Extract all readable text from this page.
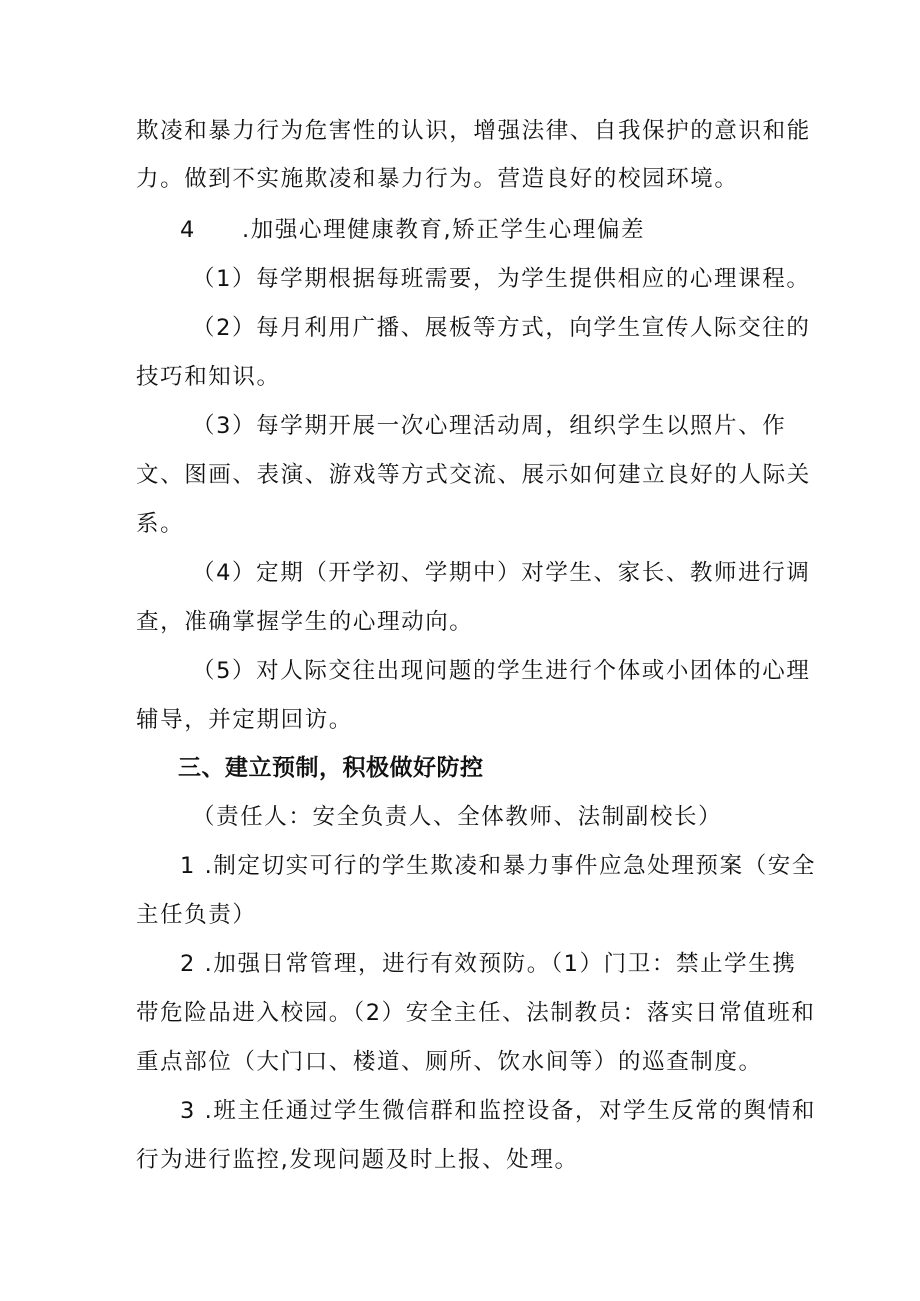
欺凌和暴力行为危害性的认识，增强法律、自我保护的意识和能
力。做到不实施欺凌和暴力行为。营造良好的校园环境。
4 .加强心理健康教育,矫正学生心理偏差
（1）每学期根据每班需要，为学生提供相应的心理课程。
（2）每月利用广播、展板等方式，向学生宣传人际交往的
技巧和知识。
（3）每学期开展一次心理活动周，组织学生以照片、作
文、图画、表演、游戏等方式交流、展示如何建立良好的人际关
系。
（4）定期（开学初、学期中）对学生、家长、教师进行调
查，准确掌握学生的心理动向。
（5）对人际交往出现问题的学生进行个体或小团体的心理
辅导，并定期回访。
三、建立预制，积极做好防控
（责任人：安全负责人、全体教师、法制副校长）
1 .制定切实可行的学生欺凌和暴力事件应急处理预案（安全
主任负责）
2 .加强日常管理，进行有效预防。（1）门卫：禁止学生携
带危险品进入校园。（2）安全主任、法制教员：落实日常值班和
重点部位（大门口、楼道、厕所、饮水间等）的巡查制度。
3 .班主任通过学生微信群和监控设备，对学生反常的舆情和
行为进行监控,发现问题及时上报、处理。
